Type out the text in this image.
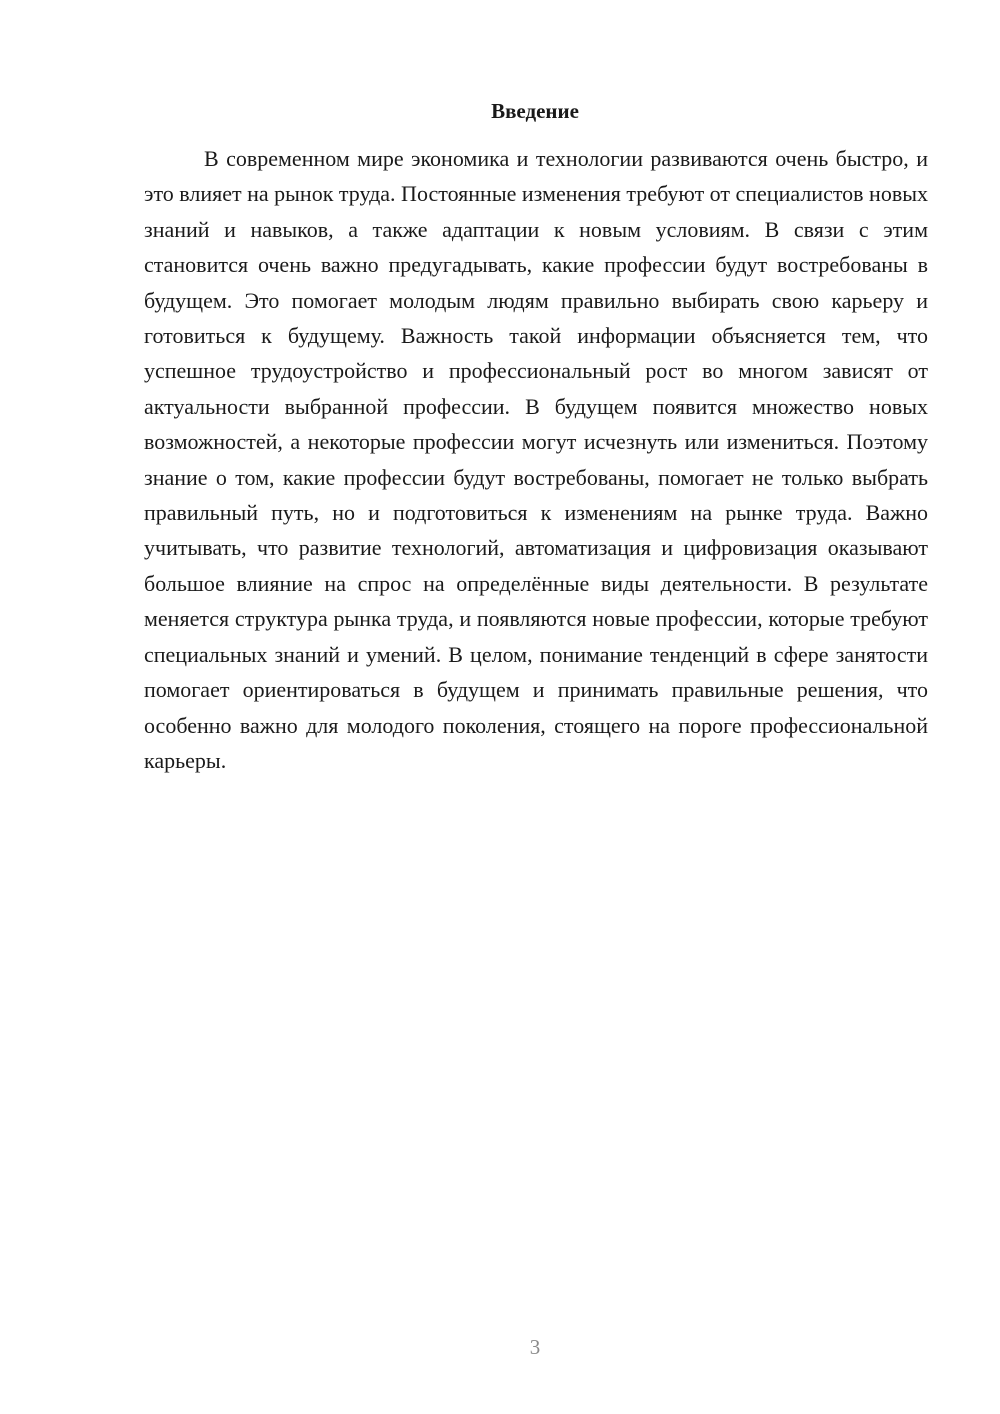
Введение

В современном мире экономика и технологии развиваются очень быстро, и это влияет на рынок труда. Постоянные изменения требуют от специалистов новых знаний и навыков, а также адаптации к новым условиям. В связи с этим становится очень важно предугадывать, какие профессии будут востребованы в будущем. Это помогает молодым людям правильно выбирать свою карьеру и готовиться к будущему. Важность такой информации объясняется тем, что успешное трудоустройство и профессиональный рост во многом зависят от актуальности выбранной профессии. В будущем появится множество новых возможностей, а некоторые профессии могут исчезнуть или измениться. Поэтому знание о том, какие профессии будут востребованы, помогает не только выбрать правильный путь, но и подготовиться к изменениям на рынке труда. Важно учитывать, что развитие технологий, автоматизация и цифровизация оказывают большое влияние на спрос на определённые виды деятельности. В результате меняется структура рынка труда, и появляются новые профессии, которые требуют специальных знаний и умений. В целом, понимание тенденций в сфере занятости помогает ориентироваться в будущем и принимать правильные решения, что особенно важно для молодого поколения, стоящего на пороге профессиональной карьеры.

3
